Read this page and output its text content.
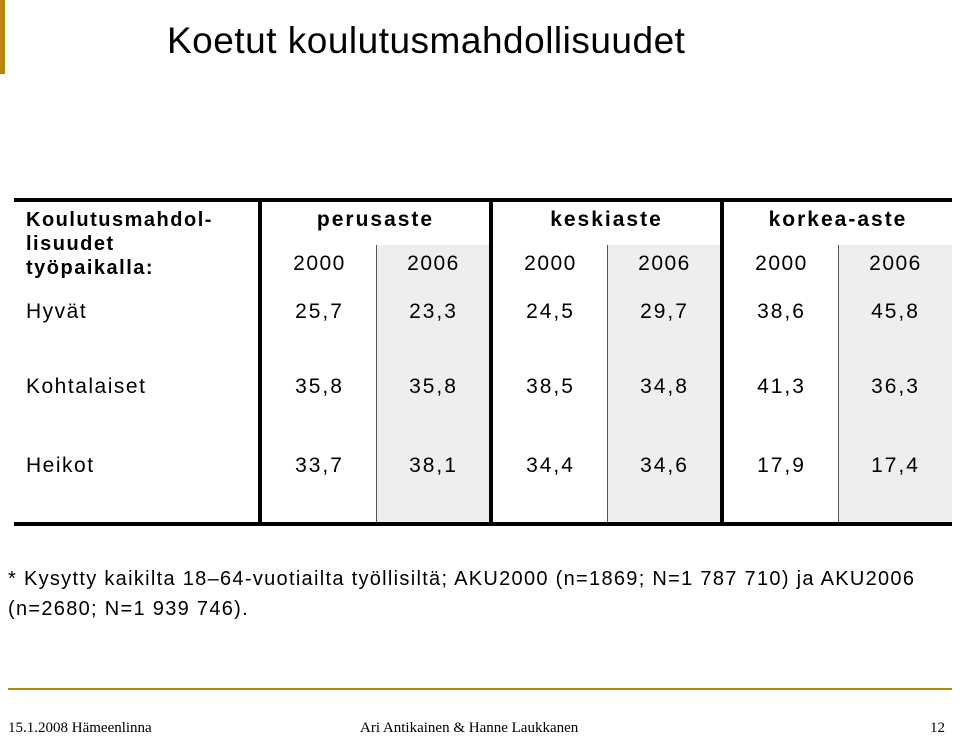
Koetut koulutusmahdollisuudet
Koulutusmahdol-
lisuudet
työpaikalla:
perusaste	keskiaste	korkea-aste
2000	2006	2000	2006	2000	2006
Hyvät	25,7	23,3	24,5	29,7	38,6	45,8
Kohtalaiset	35,8	35,8	38,5	34,8	41,3	36,3
Heikot	33,7	38,1	34,4	34,6	17,9	17,4
* Kysytty kaikilta 18–64-vuotiailta työllisiltä; AKU2000 (n=1869; N=1 787 710) ja AKU2006 (n=2680; N=1 939 746).
15.1.2008 Hämeenlinna	Ari Antikainen & Hanne Laukkanen	12
